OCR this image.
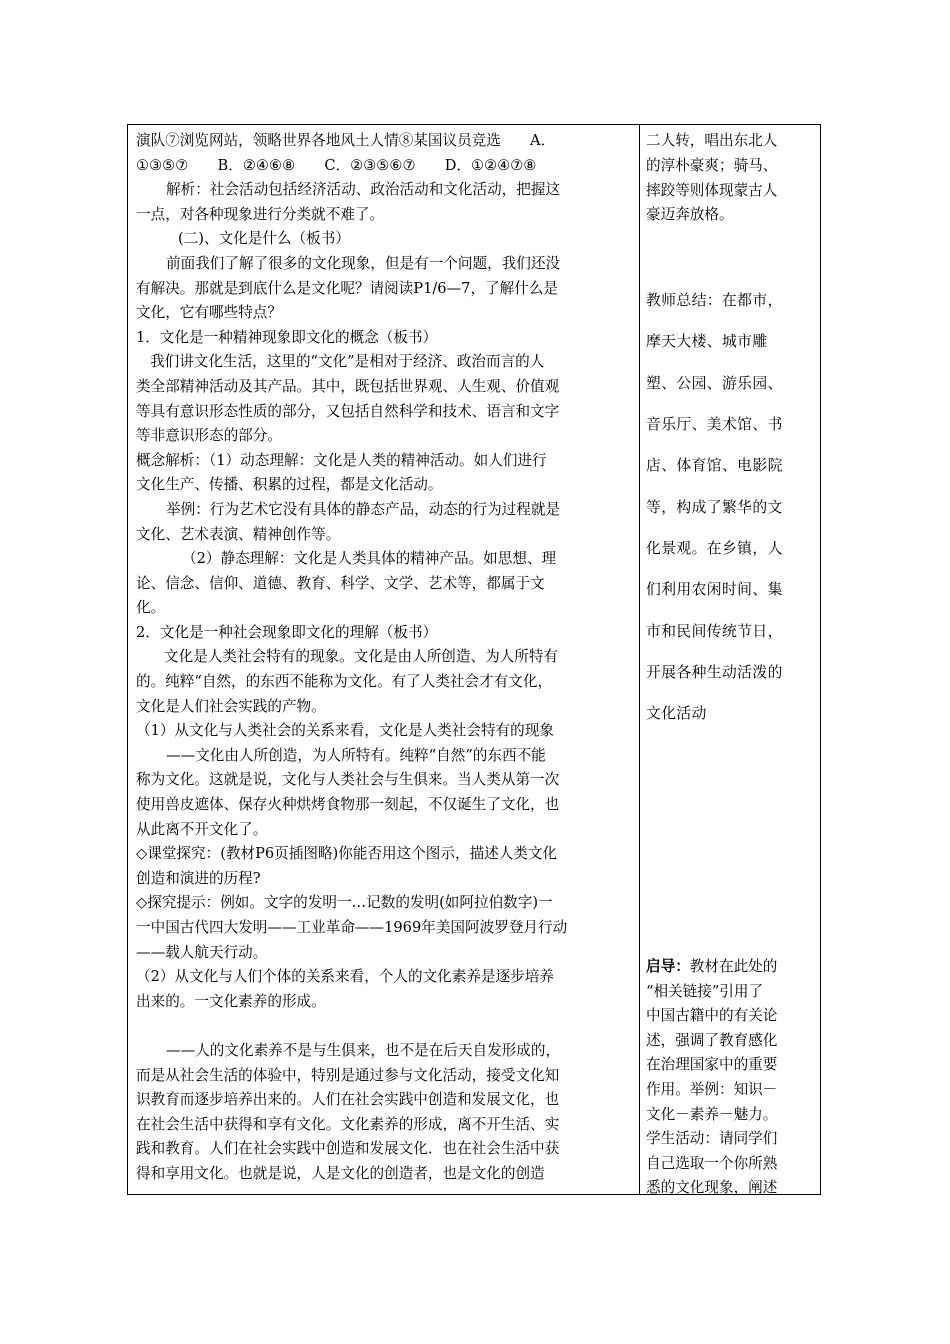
演队⑦浏览网站，领略世界各地风土人情⑧某国议员竞选　　A．
①③⑤⑦　　B．②④⑥⑧　　C．②③⑤⑥⑦　　D．①②④⑦⑧
解析：社会活动包括经济活动、政治活动和文化活动，把握这
一点，对各种现象进行分类就不难了。
(二)、文化是什么（板书）
前面我们了解了很多的文化现象，但是有一个问题，我们还没
有解决。那就是到底什么是文化呢？请阅读P1/6—7，了解什么是
文化，它有哪些特点？
1．文化是一种精神现象即文化的概念（板书）
我们讲文化生活，这里的“文化”是相对于经济、政治而言的人
类全部精神活动及其产品。其中，既包括世界观、人生观、价值观
等具有意识形态性质的部分，又包括自然科学和技术、语言和文字
等非意识形态的部分。
概念解析：（1）动态理解：文化是人类的精神活动。如人们进行
文化生产、传播、积累的过程，都是文化活动。
举例：行为艺术它没有具体的静态产品，动态的行为过程就是
文化、艺术表演、精神创作等。
（2）静态理解：文化是人类具体的精神产品。如思想、理
论、信念、信仰、道德、教育、科学、文学、艺术等，都属于文
化。
2．文化是一种社会现象即文化的理解（板书）
文化是人类社会特有的现象。文化是由人所创造、为人所特有
的。纯粹“自然，的东西不能称为文化。有了人类社会才有文化，
文化是人们社会实践的产物。
（1）从文化与人类社会的关系来看，文化是人类社会特有的现象
——文化由人所创造，为人所特有。纯粹“自然”的东西不能
称为文化。这就是说，文化与人类社会与生俱来。当人类从第一次
使用兽皮遮体、保存火种烘烤食物那一刻起，不仅诞生了文化，也
从此离不开文化了。
◇课堂探究：(教材P6页插图略)你能否用这个图示，描述人类文化
创造和演进的历程?
◇探究提示：例如。文字的发明一…记数的发明(如阿拉伯数字)一
一中国古代四大发明——工业革命——1969年美国阿波罗登月行动
——载人航天行动。
（2）从文化与人们个体的关系来看，个人的文化素养是逐步培养
出来的。一文化素养的形成。
——人的文化素养不是与生俱来，也不是在后天自发形成的，
而是从社会生活的体验中，特别是通过参与文化活动，接受文化知
识教育而逐步培养出来的。人们在社会实践中创造和发展文化，也
在社会生活中获得和享有文化。文化素养的形成，离不开生活、实
践和教育。人们在社会实践中创造和发展文化．也在社会生活中获
得和享用文化。也就是说，人是文化的创造者，也是文化的创造
二人转，唱出东北人
的淳朴豪爽；骑马、
摔跤等则体现蒙古人
豪迈奔放格。
教师总结：在都市，
摩天大楼、城市雕
塑、公园、游乐园、
音乐厅、美术馆、书
店、体育馆、电影院
等，构成了繁华的文
化景观。在乡镇，人
们利用农闲时间、集
市和民间传统节日，
开展各种生动活泼的
文化活动
启导：教材在此处的
“相关链接”引用了
中国古籍中的有关论
述，强调了教育感化
在治理国家中的重要
作用。举例：知识－
文化－素养－魅力。
学生活动：请同学们
自己选取一个你所熟
悉的文化现象，阐述
